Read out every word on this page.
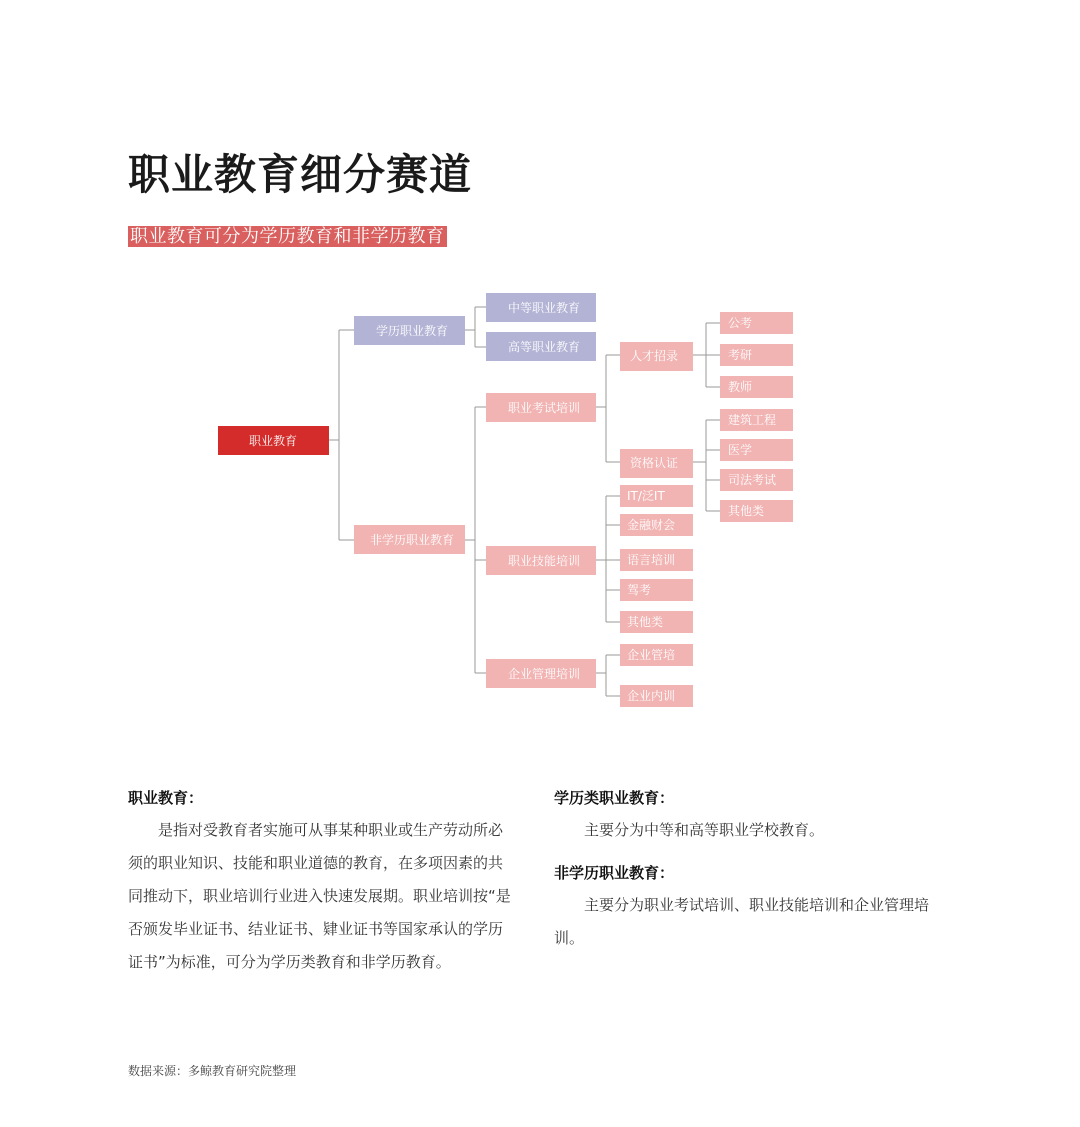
职业教育细分赛道
职业教育可分为学历教育和非学历教育
职业教育
学历职业教育
中等职业教育
高等职业教育
非学历职业教育
职业考试培训
人才招录
公考
考研
教师
资格认证
建筑工程
医学
司法考试
其他类
职业技能培训
IT/泛IT
金融财会
语言培训
驾考
其他类
企业管理培训
企业管培
企业内训
职业教育：

是指对受教育者实施可从事某种职业或生产劳动所必须的职业知识、技能和职业道德的教育，在多项因素的共同推动下，职业培训行业进入快速发展期。职业培训按“是否颁发毕业证书、结业证书、肄业证书等国家承认的学历证书”为标准，可分为学历类教育和非学历教育。

学历类职业教育：

主要分为中等和高等职业学校教育。

非学历职业教育：

主要分为职业考试培训、职业技能培训和企业管理培训。

数据来源：多鲸教育研究院整理
